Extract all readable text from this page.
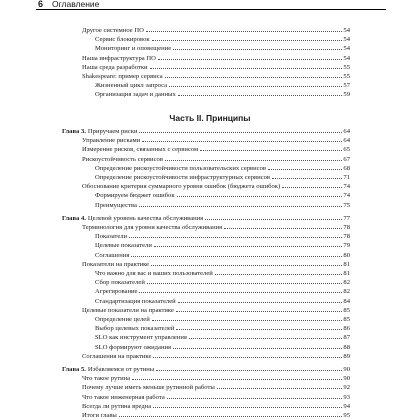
6 Оглавление
Другое системное ПО	54
Сервис блокировок	54
Мониторинг и оповещение	54
Наша инфраструктура ПО	54
Наша среда разработки	55
Shakespeare: пример сервиса	55
Жизненный цикл запроса	57
Организация задач и данных	59
Глава 3. Приручаем риски	64
Управление рисками	64
Измерение рисков, связанных с сервисом	65
Рискоустойчивость сервисов	67
Определение рискоустойчивости пользовательских сервисов	68
Определение рискоустойчивости инфраструктурных сервисов	71
Обоснование критерия суммарного уровня ошибок (бюджета ошибок)	74
Формируем бюджет ошибок	74
Преимущества	75
Глава 4. Целевой уровень качества обслуживания	77
Терминология для уровня качества обслуживания	78
Показатели	78
Целевые показатели	79
Соглашения	80
Показатели на практике	81
Что важно для вас и ваших пользователей	81
Сбор показателей	82
Агрегирование	82
Стандартизация показателей	84
Целевые показатели на практике	85
Определение целей	85
Выбор целевых показателей	86
SLO как инструмент управления	87
SLO формируют ожидания	88
Соглашения на практике	89
Глава 5. Избавляемся от рутины	90
Что такое рутина	90
Почему лучше иметь меньше рутинной работы	92
Что такое инженерная работа	93
Всегда ли рутина вредна	94
Итоги главы	95
Часть II. Принципы
